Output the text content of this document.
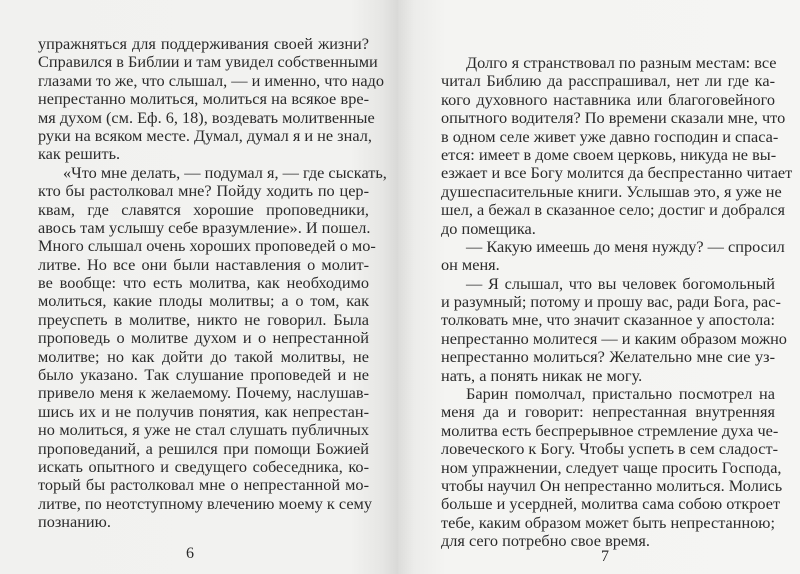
упражняться для поддерживания своей жизни?
Справился в Библии и там увидел собственными
глазами то же, что слышал, — и именно, что надо
непрестанно молиться, молиться на всякое вре-
мя духом (см. Еф. 6, 18), воздевать молитвенные
руки на всяком месте. Думал, думал я и не знал,
как решить.
«Что мне делать, — подумал я, — где сыскать,
кто бы растолковал мне? Пойду ходить по цер-
квам, где славятся хорошие проповедники,
авось там услышу себе вразумление». И пошел.
Много слышал очень хороших проповедей о мо-
литве. Но все они были наставления о молит-
ве вообще: что есть молитва, как необходимо
молиться, какие плоды молитвы; а о том, как
преуспеть в молитве, никто не говорил. Была
проповедь о молитве духом и о непрестанной
молитве; но как дойти до такой молитвы, не
было указано. Так слушание проповедей и не
привело меня к желаемому. Почему, наслушав-
шись их и не получив понятия, как непрестан-
но молиться, я уже не стал слушать публичных
проповеданий, а решился при помощи Божией
искать опытного и сведущего собеседника, ко-
торый бы растолковал мне о непрестанной мо-
литве, по неотступному влечению моему к сему
познанию.
6
Долго я странствовал по разным местам: все
читал Библию да расспрашивал, нет ли где ка-
кого духовного наставника или благоговейного
опытного водителя? По времени сказали мне, что
в одном селе живет уже давно господин и спаса-
ется: имеет в доме своем церковь, никуда не вы-
езжает и все Богу молится да беспрестанно читает
душеспасительные книги. Услышав это, я уже не
шел, а бежал в сказанное село; достиг и добрался
до помещика.
— Какую имеешь до меня нужду? — спросил
он меня.
— Я слышал, что вы человек богомольный
и разумный; потому и прошу вас, ради Бога, рас-
толковать мне, что значит сказанное у апостола:
непрестанно молитеся — и каким образом можно
непрестанно молиться? Желательно мне сие уз-
нать, а понять никак не могу.
Барин помолчал, пристально посмотрел на
меня да и говорит: непрестанная внутренняя
молитва есть беспрерывное стремление духа че-
ловеческого к Богу. Чтобы успеть в сем сладост-
ном упражнении, следует чаще просить Господа,
чтобы научил Он непрестанно молиться. Молись
больше и усердней, молитва сама собою откроет
тебе, каким образом может быть непрестанною;
для сего потребно свое время.
7
